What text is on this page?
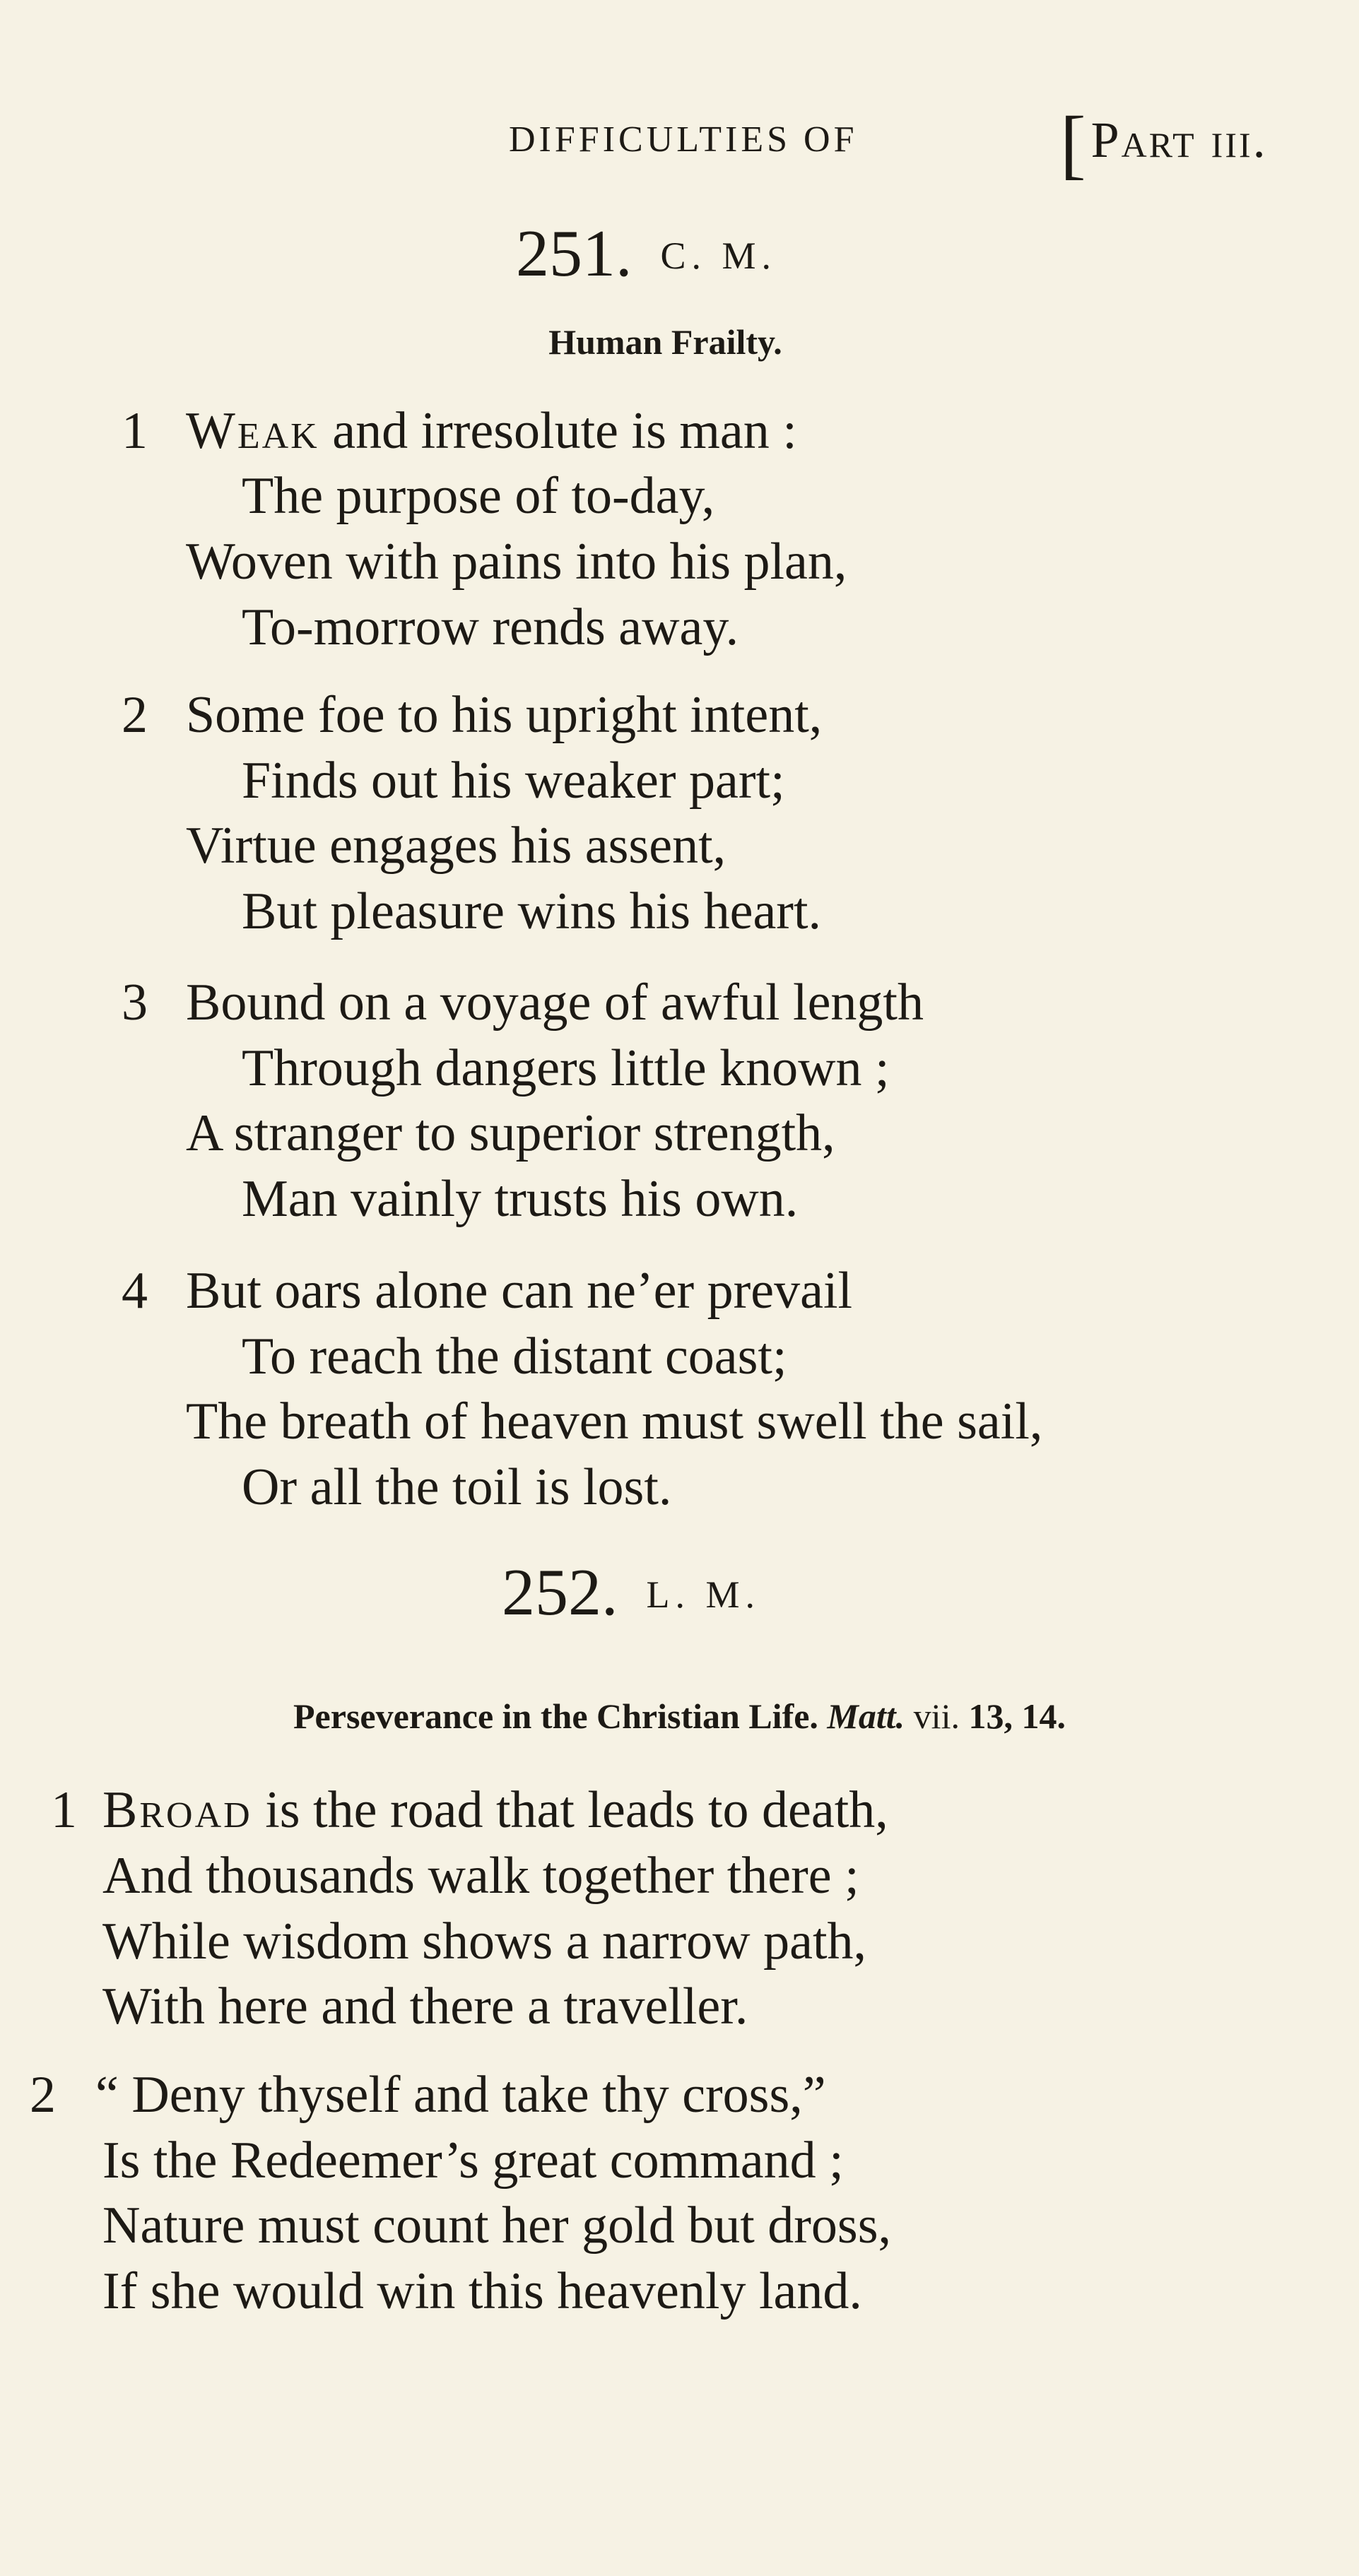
DIFFICULTIES OF	[Part iii.
251. C. M.
Human Frailty.
1 Weak and irresolute is man :
The purpose of to-day,
Woven with pains into his plan,
To-morrow rends away.
2 Some foe to his upright intent,
Finds out his weaker part;
Virtue engages his assent,
But pleasure wins his heart.
3 Bound on a voyage of awful length
Through dangers little known ;
A stranger to superior strength,
Man vainly trusts his own.
4 But oars alone can ne’er prevail
To reach the distant coast;
The breath of heaven must swell the sail,
Or all the toil is lost.
252. L. M.
Perseverance in the Christian Life. Matt. vii. 13, 14.
1 Broad is the road that leads to death,
And thousands walk together there ;
While wisdom shows a narrow path,
With here and there a traveller.
2 “ Deny thyself and take thy cross,”
Is the Redeemer’s great command ;
Nature must count her gold but dross,
If she would win this heavenly land.
